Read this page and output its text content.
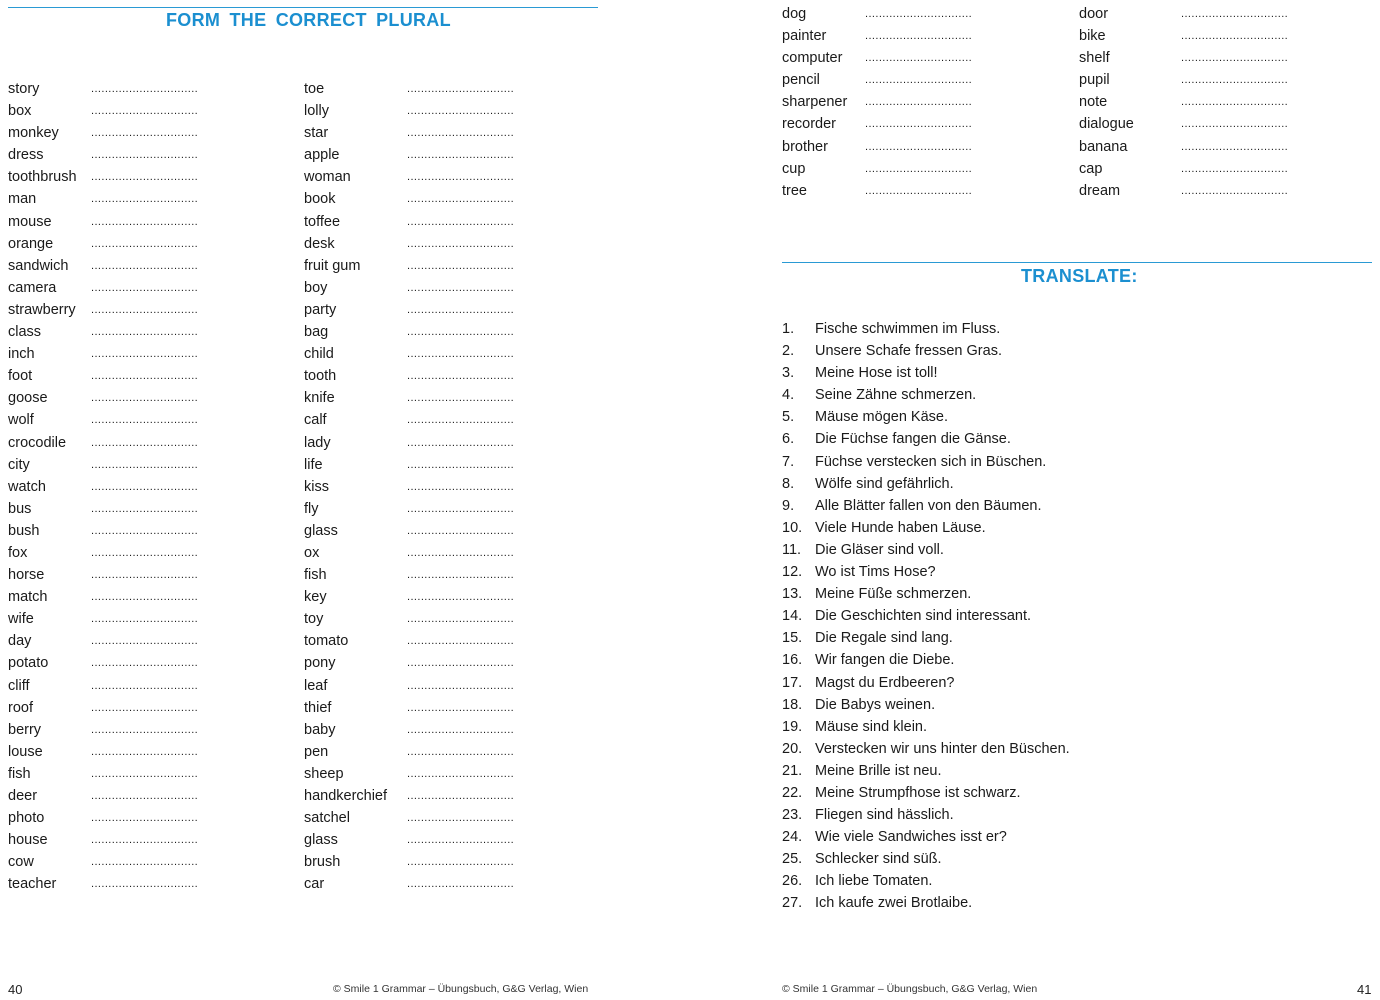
FORM THE CORRECT PLURAL
story	...............................
box	...............................
monkey	...............................
dress	...............................
toothbrush ...............................
man	...............................
mouse	...............................
orange	...............................
sandwich ...............................
camera	...............................
strawberry ...............................
class	...............................
inch	...............................
foot	...............................
goose	...............................
wolf	...............................
crocodile ...............................
city	...............................
watch	...............................
bus	...............................
bush	...............................
fox	...............................
horse	...............................
match	...............................
wife	...............................
day	...............................
potato	...............................
cliff	...............................
roof	...............................
berry	...............................
louse	...............................
fish	...............................
deer	...............................
photo	...............................
house	...............................
cow	...............................
teacher	...............................
toe	...............................
lolly	...............................
star	...............................
apple	...............................
woman	...............................
book	...............................
toffee	...............................
desk	...............................
fruit gum	...............................
boy	...............................
party	...............................
bag	...............................
child	...............................
tooth	...............................
knife	...............................
calf	...............................
lady	...............................
life	...............................
kiss	...............................
fly	...............................
glass	...............................
ox	...............................
fish	...............................
key	...............................
toy	...............................
tomato	...............................
pony	...............................
leaf	...............................
thief	...............................
baby	...............................
pen	...............................
sheep	...............................
handkerchief ...............................
satchel	...............................
glass	...............................
brush	...............................
car	...............................
40	© Smile 1 Grammar – Übungsbuch, G&G Verlag, Wien
dog	...............................
painter	...............................
computer ...............................
pencil	...............................
sharpener ...............................
recorder	...............................
brother	...............................
cup	...............................
tree	...............................
door	...............................
bike	...............................
shelf	...............................
pupil	...............................
note	...............................
dialogue	...............................
banana	...............................
cap	...............................
dream	...............................
TRANSLATE:
1. Fische schwimmen im Fluss.
2. Unsere Schafe fressen Gras.
3. Meine Hose ist toll!
4. Seine Zähne schmerzen.
5. Mäuse mögen Käse.
6. Die Füchse fangen die Gänse.
7. Füchse verstecken sich in Büschen.
8. Wölfe sind gefährlich.
9. Alle Blätter fallen von den Bäumen.
10. Viele Hunde haben Läuse.
11. Die Gläser sind voll.
12. Wo ist Tims Hose?
13. Meine Füße schmerzen.
14. Die Geschichten sind interessant.
15. Die Regale sind lang.
16. Wir fangen die Diebe.
17. Magst du Erdbeeren?
18. Die Babys weinen.
19. Mäuse sind klein.
20. Verstecken wir uns hinter den Büschen.
21. Meine Brille ist neu.
22. Meine Strumpfhose ist schwarz.
23. Fliegen sind hässlich.
24. Wie viele Sandwiches isst er?
25. Schlecker sind süß.
26. Ich liebe Tomaten.
27. Ich kaufe zwei Brotlaibe.
© Smile 1 Grammar – Übungsbuch, G&G Verlag, Wien	41
